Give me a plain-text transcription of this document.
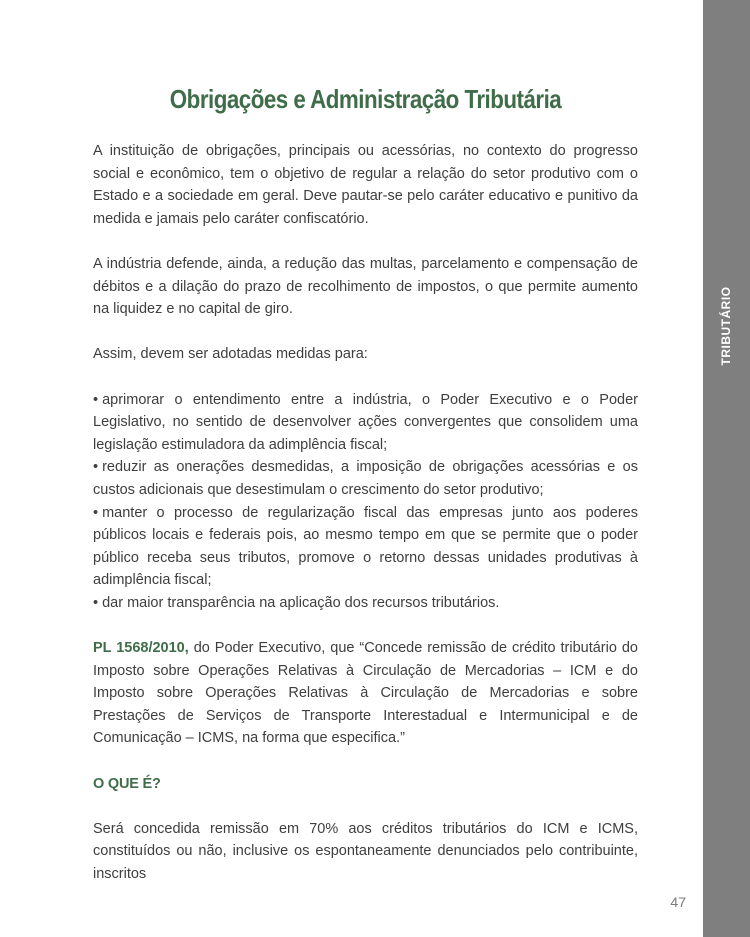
TRIBUTÁRIO
Obrigações e Administração Tributária

A instituição de obrigações, principais ou acessórias, no contexto do progresso social e econômico, tem o objetivo de regular a relação do setor produtivo com o Estado e a sociedade em geral. Deve pautar-se pelo caráter educativo e punitivo da medida e jamais pelo caráter confiscatório.

A indústria defende, ainda, a redução das multas, parcelamento e compensação de débitos e a dilação do prazo de recolhimento de impostos, o que permite aumento na liquidez e no capital de giro.

Assim, devem ser adotadas medidas para:

• aprimorar o entendimento entre a indústria, o Poder Executivo e o Poder Legislativo, no sentido de desenvolver ações convergentes que consolidem uma legislação estimuladora da adimplência fiscal;

• reduzir as onerações desmedidas, a imposição de obrigações acessórias e os custos adicionais que desestimulam o crescimento do setor produtivo;

• manter o processo de regularização fiscal das empresas junto aos poderes públicos locais e federais pois, ao mesmo tempo em que se permite que o poder público receba seus tributos, promove o retorno dessas unidades produtivas à adimplência fiscal;

• dar maior transparência na aplicação dos recursos tributários.

PL 1568/2010, do Poder Executivo, que “Concede remissão de crédito tributário do Imposto sobre Operações Relativas à Circulação de Mercadorias – ICM e do Imposto sobre Operações Relativas à Circulação de Mercadorias e sobre Prestações de Serviços de Transporte Interestadual e Intermunicipal e de Comunicação – ICMS, na forma que especifica.”

O QUE É?

Será concedida remissão em 70% aos créditos tributários do ICM e ICMS, constituídos ou não, inclusive os espontaneamente denunciados pelo contribuinte, inscritos

47
